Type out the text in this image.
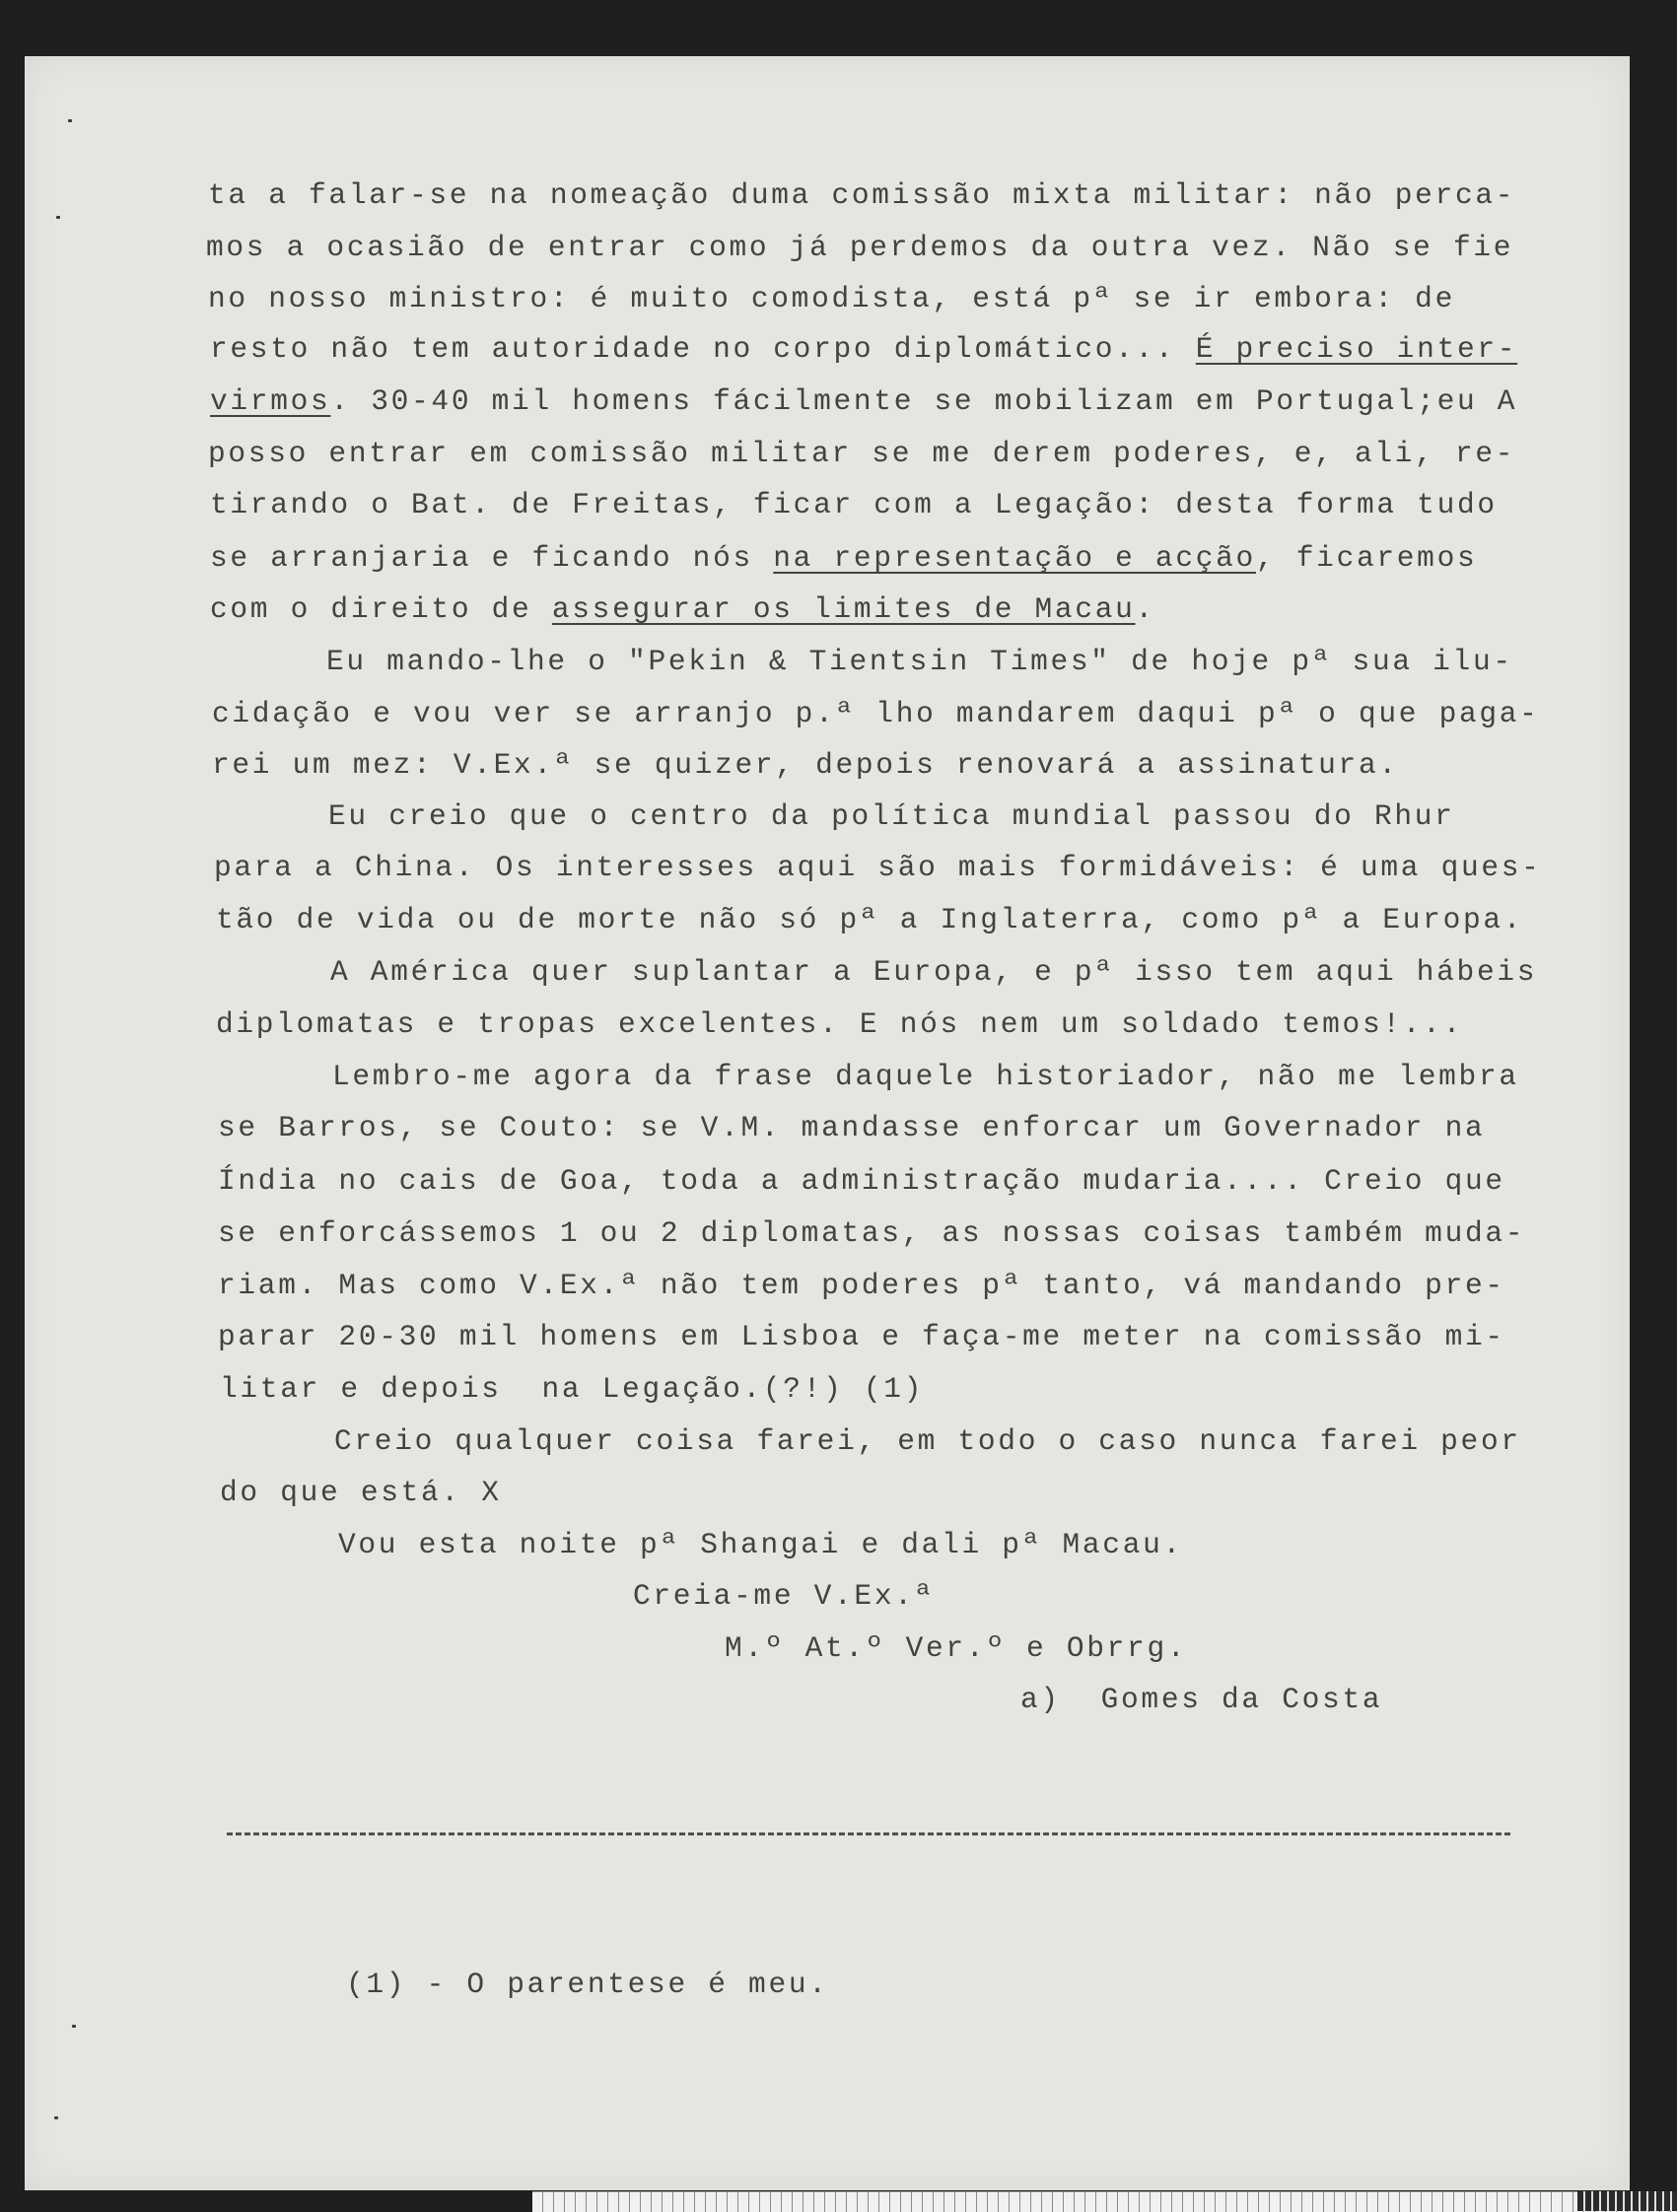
ta a falar-se na nomeação duma comissão mixta militar: não perca-
mos a ocasião de entrar como já perdemos da outra vez. Não se fie
no nosso ministro: é muito comodista, está pª se ir embora: de
resto não tem autoridade no corpo diplomático... É preciso inter-
virmos. 30-40 mil homens fácilmente se mobilizam em Portugal;eu A
posso entrar em comissão militar se me derem poderes, e, ali, re-
tirando o Bat. de Freitas, ficar com a Legação: desta forma tudo
se arranjaria e ficando nós na representação e acção, ficaremos
com o direito de assegurar os limites de Macau.
Eu mando-lhe o "Pekin & Tientsin Times" de hoje pª sua ilu-
cidação e vou ver se arranjo p.ª lho mandarem daqui pª o que paga-
rei um mez: V.Ex.ª se quizer, depois renovará a assinatura.
Eu creio que o centro da política mundial passou do Rhur
para a China. Os interesses aqui são mais formidáveis: é uma ques-
tão de vida ou de morte não só pª a Inglaterra, como pª a Europa.
A América quer suplantar a Europa, e pª isso tem aqui hábeis
diplomatas e tropas excelentes. E nós nem um soldado temos!...
Lembro-me agora da frase daquele historiador, não me lembra
se Barros, se Couto: se V.M. mandasse enforcar um Governador na
Índia no cais de Goa, toda a administração mudaria.... Creio que
se enforcássemos 1 ou 2 diplomatas, as nossas coisas também muda-
riam. Mas como V.Ex.ª não tem poderes pª tanto, vá mandando pre-
parar 20-30 mil homens em Lisboa e faça-me meter na comissão mi-
litar e depois  na Legação.(?!) (1)
Creio qualquer coisa farei, em todo o caso nunca farei peor
do que está. X
Vou esta noite pª Shangai e dali pª Macau.
Creia-me V.Ex.ª
M.º At.º Ver.º e Obrrg.
a)  Gomes da Costa
(1) - O parentese é meu.
